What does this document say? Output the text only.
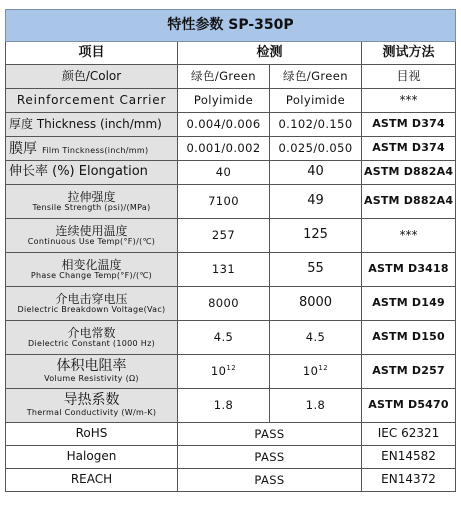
特性参数 SP-350P			
项目	检测		测试方法
颜色/Color	绿色/Green	绿色/Green	目视
Reinforcement Carrier	Polyimide	Polyimide	***
厚度 Thickness (inch/mm)	0.004/0.006	0.102/0.150	ASTM D374
膜厚 Film Tinckness(inch/mm)	0.001/0.002	0.025/0.050	ASTM D374
伸长率 (%) Elongation	40	40	ASTM D882A4

拉伸强度
Tensile Strength (psi)/(MPa)	7100	49	ASTM D882A4

连续使用温度
Continuous Use Temp(°F)/(℃)	257	125	***

相变化温度
Phase Change Temp(°F)/(℃)	131	55	ASTM D3418

介电击穿电压
Dielectric Breakdown Voltage(Vac)	8000	8000	ASTM D149

介电常数
Dielectric Constant (1000 Hz)	4.5	4.5	ASTM D150

体积电阻率
Volume Resistivity (Ω)	$10^{12}$	$10^{12}$	ASTM D257

导热系数
Thermal Conductivity (W/m-K)	1.8	1.8	ASTM D5470
RoHS	PASS		IEC 62321
Halogen	PASS		EN14582
REACH	PASS		EN14372
